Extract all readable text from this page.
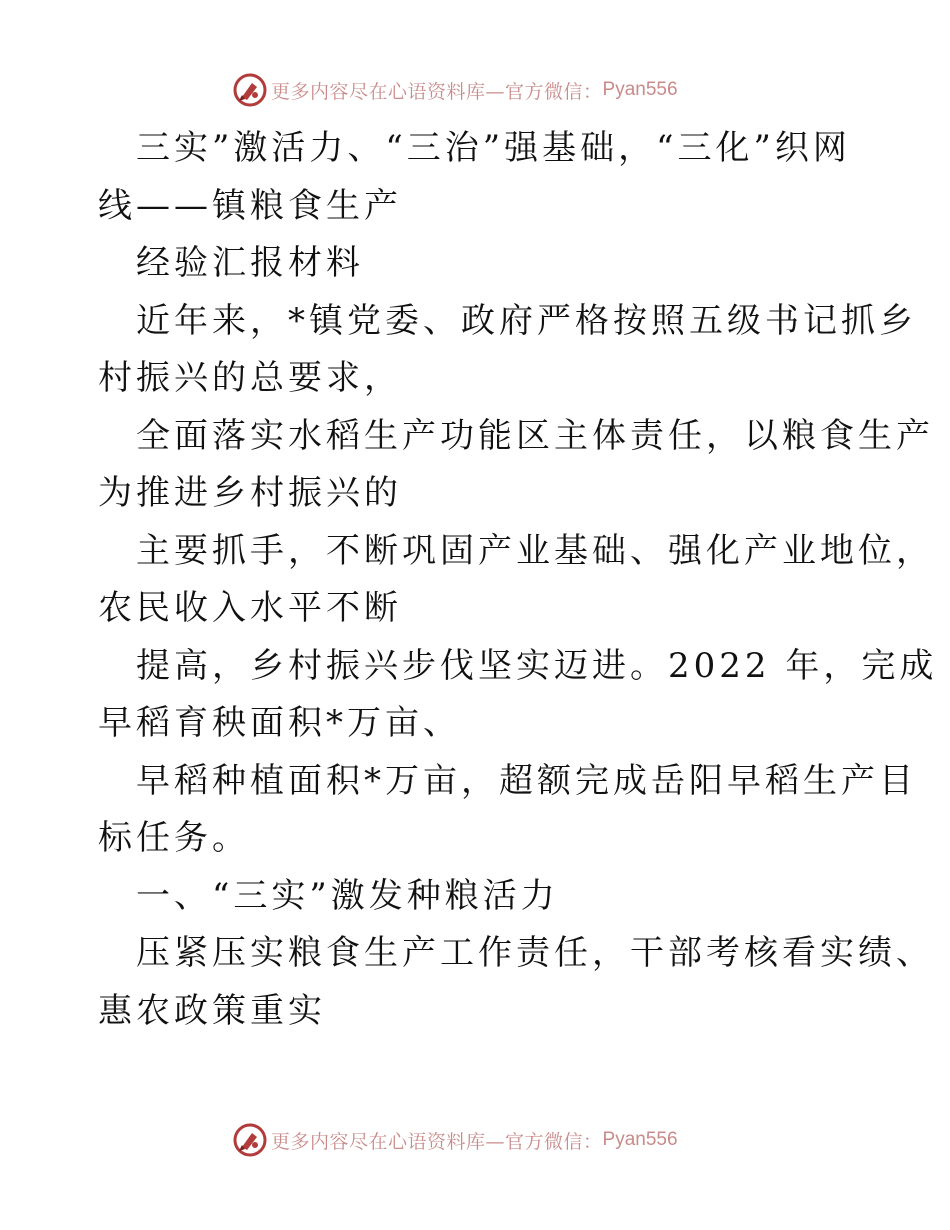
更多内容尽在心语资料库—官方微信： Pyan556
三实”激活力、“三治”强基础，“三化”织网
线——镇粮食生产
经验汇报材料
近年来，*镇党委、政府严格按照五级书记抓乡
村振兴的总要求，
全面落实水稻生产功能区主体责任，以粮食生产
为推进乡村振兴的
主要抓手，不断巩固产业基础、强化产业地位，
农民收入水平不断
提高，乡村振兴步伐坚实迈进。2022 年，完成
早稻育秧面积*万亩、
早稻种植面积*万亩，超额完成岳阳早稻生产目
标任务。
一、“三实”激发种粮活力
压紧压实粮食生产工作责任，干部考核看实绩、
惠农政策重实
更多内容尽在心语资料库—官方微信： Pyan556
